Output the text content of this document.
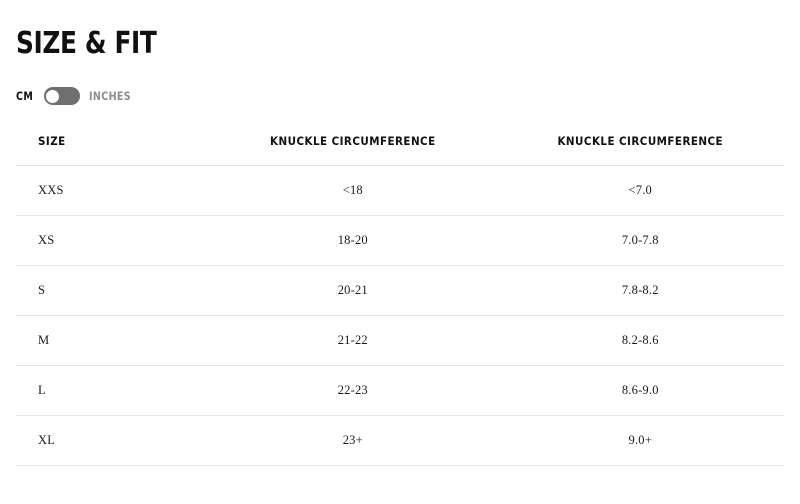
SIZE & FIT
CM	INCHES
SIZE	KNUCKLE CIRCUMFERENCE	KNUCKLE CIRCUMFERENCE
XXS	<18	<7.0
XS	18-20	7.0-7.8
S	20-21	7.8-8.2
M	21-22	8.2-8.6
L	22-23	8.6-9.0
XL	23+	9.0+
